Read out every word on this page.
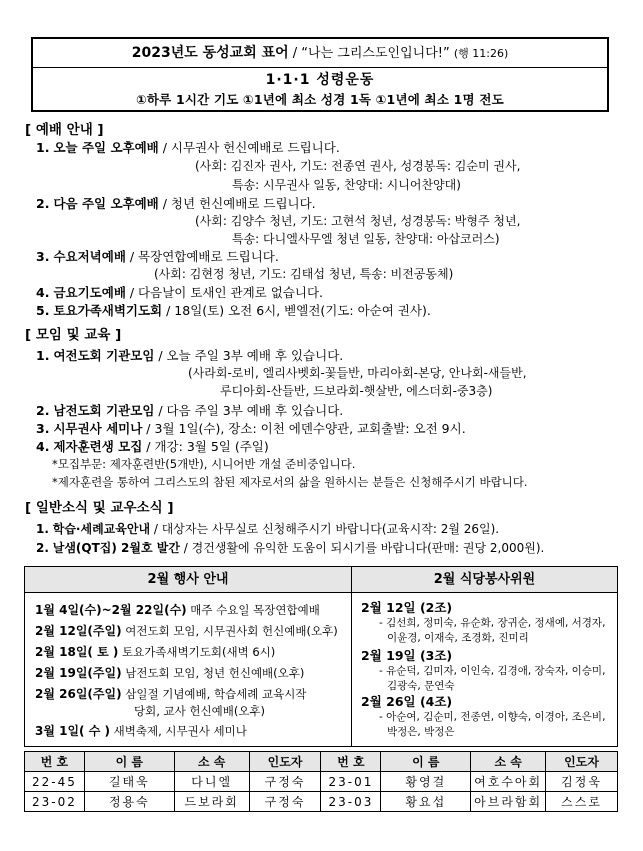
2023년도 동성교회 표어 / “나는 그리스도인입니다!” (행 11:26)
1·1·1 성령운동
①하루 1시간 기도 ①1년에 최소 성경 1독 ①1년에 최소 1명 전도
[ 예배 안내 ]
1. 오늘 주일 오후예배 / 시무권사 헌신예배로 드립니다.
(사회: 김진자 권사, 기도: 전종연 권사, 성경봉독: 김순미 권사,
특송: 시무권사 일동, 찬양대: 시니어찬양대)
2. 다음 주일 오후예배 / 청년 헌신예배로 드립니다.
(사회: 김양수 청년, 기도: 고현석 청년, 성경봉독: 박형주 청년,
특송: 다니엘사무엘 청년 일동, 찬양대: 아삽코러스)
3. 수요저녁예배 / 목장연합예배로 드립니다.
(사회: 김현정 청년, 기도: 김태섭 청년, 특송: 비전공동체)
4. 금요기도예배 / 다음날이 토새인 관계로 없습니다.
5. 토요가족새벽기도회 / 18일(토) 오전 6시, 벧엘전(기도: 아순여 권사).
[ 모임 및 교육 ]
1. 여전도회 기관모임 / 오늘 주일 3부 예배 후 있습니다.
(사라회-로비, 엘리사벳회-꽃들반, 마리아회-본당, 안나회-새들반,
루디아회-산들반, 드보라회-햇살반, 에스더회-중3층)
2. 남전도회 기관모임 / 다음 주일 3부 예배 후 있습니다.
3. 시무권사 세미나 / 3월 1일(수), 장소: 이천 에덴수양관, 교회출발: 오전 9시.
4. 제자훈련생 모집 / 개강: 3월 5일 (주일)
*모집부문: 제자훈련반(5개반), 시니어반 개설 준비중입니다.
*제자훈련을 통하여 그리스도의 참된 제자로서의 삶을 원하시는 분들은 신청해주시기 바랍니다.
[ 일반소식 및 교우소식 ]
1. 학습·세례교육안내 / 대상자는 사무실로 신청해주시기 바랍니다(교육시작: 2월 26일).
2. 날샘(QT집) 2월호 발간 / 경건생활에 유익한 도움이 되시기를 바랍니다(판매: 권당 2,000원).
2월 행사 안내	2월 식당봉사위원
1월 4일(수)~2월 22일(수) 매주 수요일 목장연합예배
2월 12일(주일) 여전도회 모임, 시무권사회 헌신예배(오후)
2월 18일( 토 ) 토요가족새벽기도회(새벽 6시)
2월 19일(주일) 남전도회 모임, 청년 헌신예배(오후)
2월 26일(주일) 삼일절 기념예배, 학습세례 교육시작
당회, 교사 헌신예배(오후)
3월 1일( 수 ) 새벽축제, 시무권사 세미나
2월 12일 (2조)
- 김선희, 정미숙, 유순화, 장귀순, 정새예, 서경자,
이윤경, 이재숙, 조경화, 진미리
2월 19일 (3조)
- 유순덕, 김미자, 이인숙, 김경애, 장숙자, 이승미,
김광숙, 문연숙
2월 26일 (4조)
- 아순여, 김순미, 전종연, 이향숙, 이경아, 조은비,
박정은, 박정은
번 호	이 름	소 속	인도자	번 호	이 름	소 속	인도자
22-45	길태욱	다니엘	구정숙	23-01	황영걸	여호수아회	김정욱
23-02	정용숙	드보라회	구정숙	23-03	황요섭	아브라함회	스스로
